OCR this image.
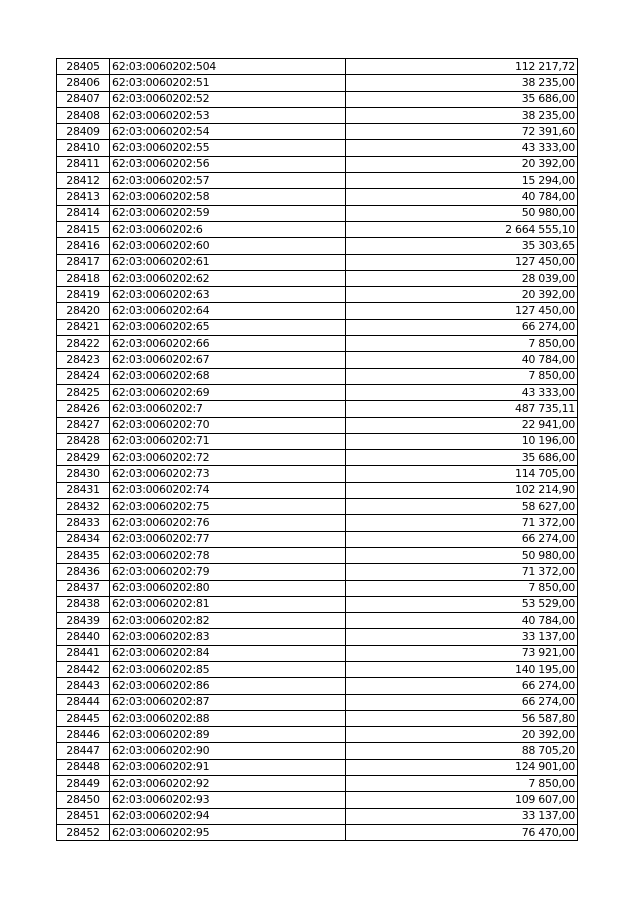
28405	62:03:0060202:504	112 217,72
28406	62:03:0060202:51	38 235,00
28407	62:03:0060202:52	35 686,00
28408	62:03:0060202:53	38 235,00
28409	62:03:0060202:54	72 391,60
28410	62:03:0060202:55	43 333,00
28411	62:03:0060202:56	20 392,00
28412	62:03:0060202:57	15 294,00
28413	62:03:0060202:58	40 784,00
28414	62:03:0060202:59	50 980,00
28415	62:03:0060202:6	2 664 555,10
28416	62:03:0060202:60	35 303,65
28417	62:03:0060202:61	127 450,00
28418	62:03:0060202:62	28 039,00
28419	62:03:0060202:63	20 392,00
28420	62:03:0060202:64	127 450,00
28421	62:03:0060202:65	66 274,00
28422	62:03:0060202:66	7 850,00
28423	62:03:0060202:67	40 784,00
28424	62:03:0060202:68	7 850,00
28425	62:03:0060202:69	43 333,00
28426	62:03:0060202:7	487 735,11
28427	62:03:0060202:70	22 941,00
28428	62:03:0060202:71	10 196,00
28429	62:03:0060202:72	35 686,00
28430	62:03:0060202:73	114 705,00
28431	62:03:0060202:74	102 214,90
28432	62:03:0060202:75	58 627,00
28433	62:03:0060202:76	71 372,00
28434	62:03:0060202:77	66 274,00
28435	62:03:0060202:78	50 980,00
28436	62:03:0060202:79	71 372,00
28437	62:03:0060202:80	7 850,00
28438	62:03:0060202:81	53 529,00
28439	62:03:0060202:82	40 784,00
28440	62:03:0060202:83	33 137,00
28441	62:03:0060202:84	73 921,00
28442	62:03:0060202:85	140 195,00
28443	62:03:0060202:86	66 274,00
28444	62:03:0060202:87	66 274,00
28445	62:03:0060202:88	56 587,80
28446	62:03:0060202:89	20 392,00
28447	62:03:0060202:90	88 705,20
28448	62:03:0060202:91	124 901,00
28449	62:03:0060202:92	7 850,00
28450	62:03:0060202:93	109 607,00
28451	62:03:0060202:94	33 137,00
28452	62:03:0060202:95	76 470,00
